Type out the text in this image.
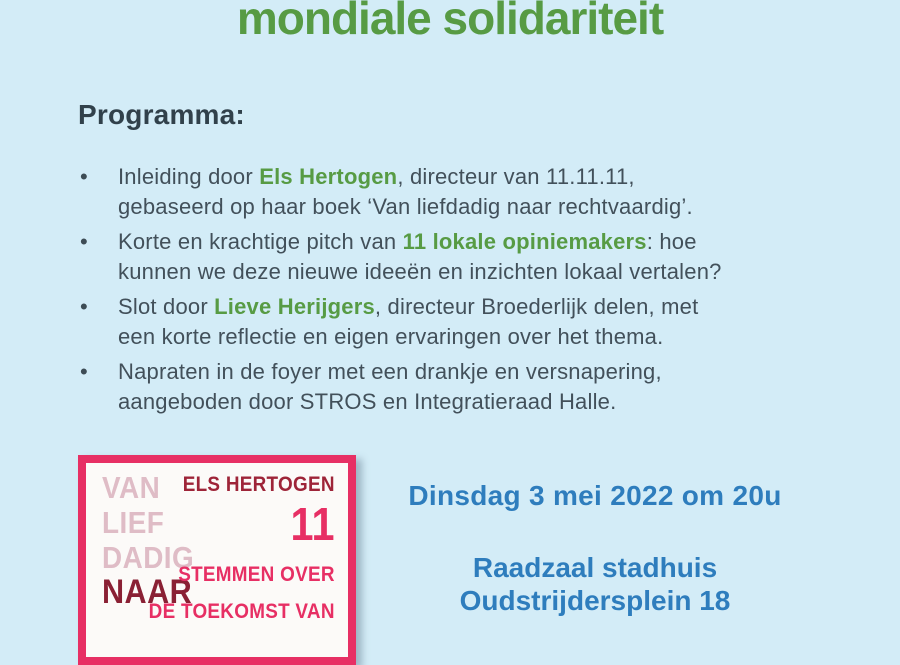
mondiale solidariteit
Programma:
•	Inleiding door Els Hertogen, directeur van 11.11.11,
gebaseerd op haar boek ‘Van liefdadig naar rechtvaardig’.
•	Korte en krachtige pitch van 11 lokale opiniemakers: hoe
kunnen we deze nieuwe ideeën en inzichten lokaal vertalen?
•	Slot door Lieve Herijgers, directeur Broederlijk delen, met
een korte reflectie en eigen ervaringen over het thema.
•	Napraten in de foyer met een drankje en versnapering,
aangeboden door STROS en Integratieraad Halle.
VAN
LIEF
DADIG
NAAR
ELS HERTOGEN
11
STEMMEN OVER
DE TOEKOMST VAN
Dinsdag 3 mei 2022 om 20u
Raadzaal stadhuis
Oudstrijdersplein 18
